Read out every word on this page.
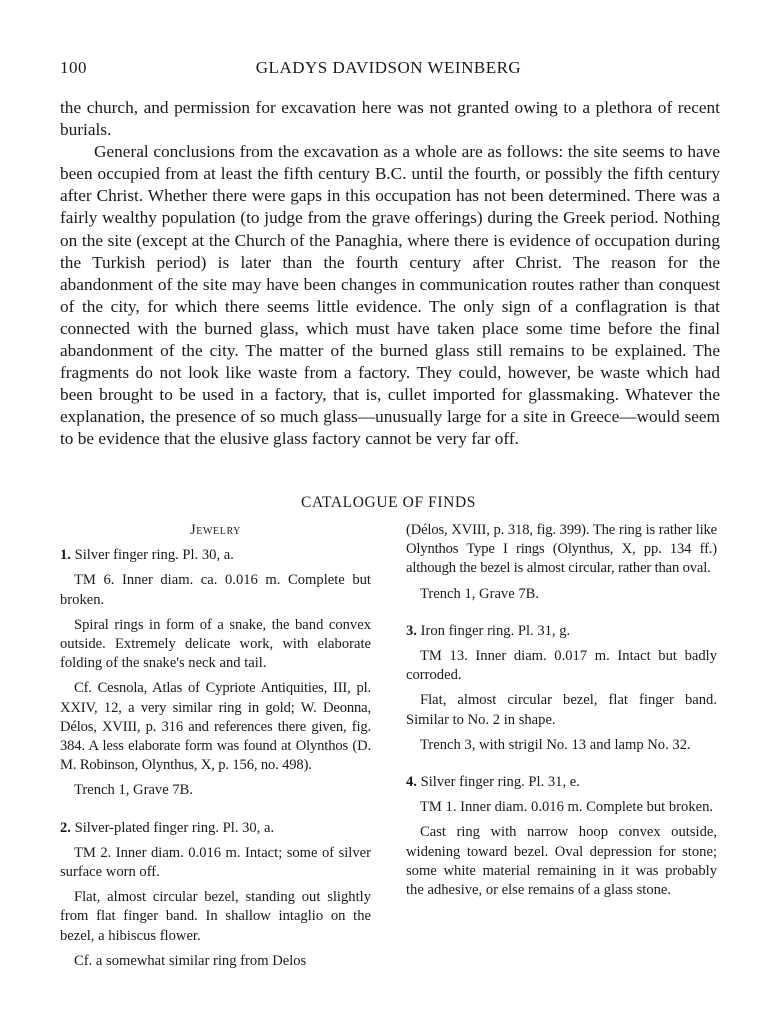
100	GLADYS DAVIDSON WEINBERG

the church, and permission for excavation here was not granted owing to a plethora of recent burials.

General conclusions from the excavation as a whole are as follows: the site seems to have been occupied from at least the fifth century B.C. until the fourth, or possibly the fifth century after Christ. Whether there were gaps in this occupation has not been determined. There was a fairly wealthy population (to judge from the grave offerings) during the Greek period. Nothing on the site (except at the Church of the Panaghia, where there is evidence of occupation during the Turkish period) is later than the fourth century after Christ. The reason for the abandonment of the site may have been changes in communication routes rather than conquest of the city, for which there seems little evidence. The only sign of a conflagration is that connected with the burned glass, which must have taken place some time before the final abandonment of the city. The matter of the burned glass still remains to be explained. The fragments do not look like waste from a factory. They could, however, be waste which had been brought to be used in a factory, that is, cullet imported for glassmaking. Whatever the explanation, the presence of so much glass—unusually large for a site in Greece—would seem to be evidence that the elusive glass factory cannot be very far off.

CATALOGUE OF FINDS
Jewelry
1. Silver finger ring. Pl. 30, a.
TM 6. Inner diam. ca. 0.016 m. Complete but broken.
Spiral rings in form of a snake, the band convex outside. Extremely delicate work, with elaborate folding of the snake's neck and tail.
Cf. Cesnola, Atlas of Cypriote Antiquities, III, pl. XXIV, 12, a very similar ring in gold; W. Deonna, Délos, XVIII, p. 316 and references there given, fig. 384. A less elaborate form was found at Olynthos (D. M. Robinson, Olynthus, X, p. 156, no. 498).
Trench 1, Grave 7B.
2. Silver-plated finger ring. Pl. 30, a.
TM 2. Inner diam. 0.016 m. Intact; some of silver surface worn off.
Flat, almost circular bezel, standing out slightly from flat finger band. In shallow intaglio on the bezel, a hibiscus flower.
Cf. a somewhat similar ring from Delos
(Délos, XVIII, p. 318, fig. 399). The ring is rather like Olynthos Type I rings (Olynthus, X, pp. 134 ff.) although the bezel is almost circular, rather than oval.
Trench 1, Grave 7B.
3. Iron finger ring. Pl. 31, g.
TM 13. Inner diam. 0.017 m. Intact but badly corroded.
Flat, almost circular bezel, flat finger band. Similar to No. 2 in shape.
Trench 3, with strigil No. 13 and lamp No. 32.
4. Silver finger ring. Pl. 31, e.
TM 1. Inner diam. 0.016 m. Complete but broken.
Cast ring with narrow hoop convex outside, widening toward bezel. Oval depression for stone; some white material remaining in it was probably the adhesive, or else remains of a glass stone.
